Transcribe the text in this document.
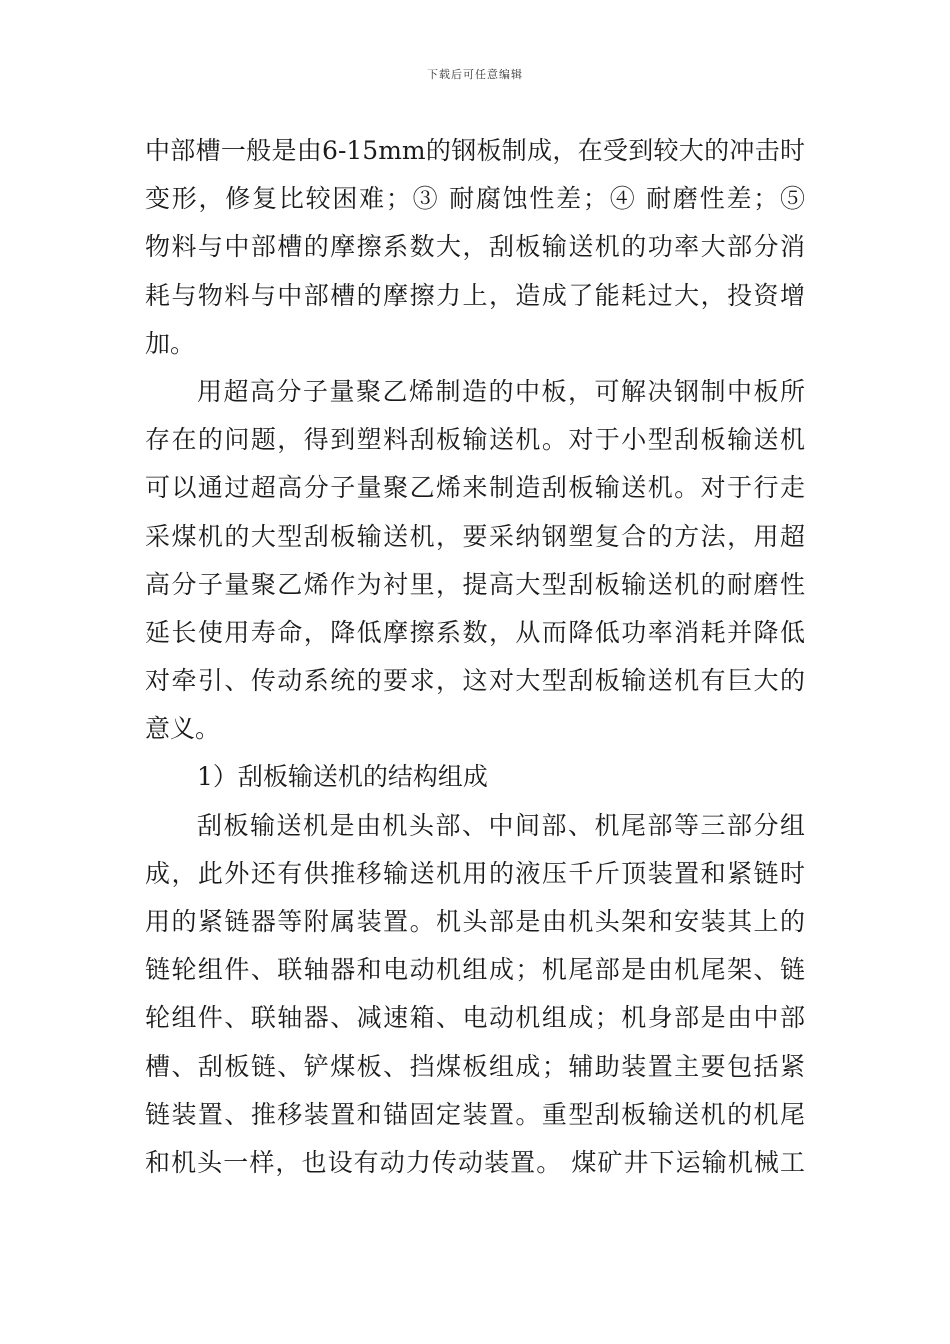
下载后可任意编辑
中部槽一般是由6-15mm的钢板制成，在受到较大的冲击时
变形，修复比较困难；③ 耐腐蚀性差；④ 耐磨性差；⑤
物料与中部槽的摩擦系数大，刮板输送机的功率大部分消
耗与物料与中部槽的摩擦力上，造成了能耗过大，投资增
加。
用超高分子量聚乙烯制造的中板，可解决钢制中板所
存在的问题，得到塑料刮板输送机。对于小型刮板输送机
可以通过超高分子量聚乙烯来制造刮板输送机。对于行走
采煤机的大型刮板输送机，要采纳钢塑复合的方法，用超
高分子量聚乙烯作为衬里，提高大型刮板输送机的耐磨性
延长使用寿命，降低摩擦系数，从而降低功率消耗并降低
对牵引、传动系统的要求，这对大型刮板输送机有巨大的
意义。
1）刮板输送机的结构组成
刮板输送机是由机头部、中间部、机尾部等三部分组
成，此外还有供推移输送机用的液压千斤顶装置和紧链时
用的紧链器等附属装置。机头部是由机头架和安装其上的
链轮组件、联轴器和电动机组成；机尾部是由机尾架、链
轮组件、联轴器、减速箱、电动机组成；机身部是由中部
槽、刮板链、铲煤板、挡煤板组成；辅助装置主要包括紧
链装置、推移装置和锚固定装置。重型刮板输送机的机尾
和机头一样，也设有动力传动装置。 煤矿井下运输机械工
